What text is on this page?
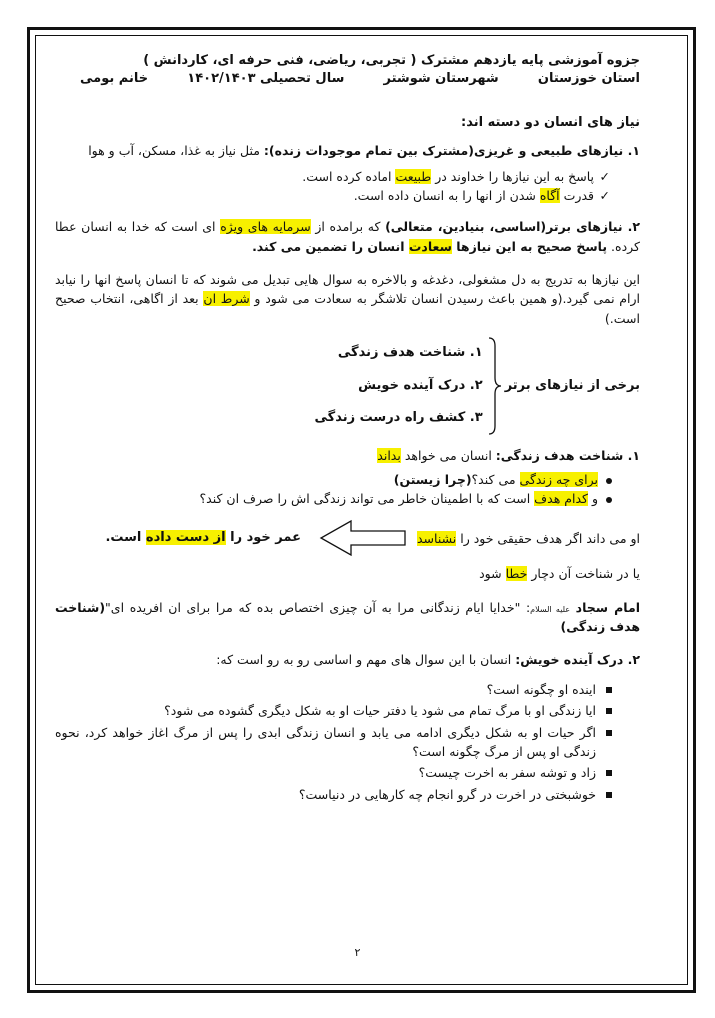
جزوه آموزشی پایه یازدهم مشترک ( تجربی، ریاضی، فنی حرفه ای، کاردانش )
استان خوزستان
شهرستان شوشتر
سال تحصیلی ۱۴۰۲/۱۴۰۳
خانم بومی
نیاز های انسان دو دسته اند:
۱. نیازهای طبیعی و غریزی(مشترک بین تمام موجودات زنده): مثل نیاز به غذا، مسکن، آب و هوا
✓
پاسخ به این نیازها را خداوند در طبیعت اماده کرده است.
✓
قدرت آگاه شدن از انها را به انسان داده است.
۲. نیازهای برتر(اساسی، بنیادین، متعالی) که برامده از سرمایه های ویژه ای است که خدا به انسان عطا کرده. پاسخ صحیح به این نیازها سعادت انسان را تضمین می کند.
این نیازها به تدریج به دل مشغولی، دغدغه و بالاخره به سوال هایی تبدیل می شوند که تا انسان پاسخ انها را نیابد ارام نمی گیرد.(و همین باعث رسیدن انسان تلاشگر به سعادت می شود و شرط ان بعد از اگاهی، انتخاب صحیح است.)
برخی از نیازهای برتر
۱. شناخت هدف زندگی
۲. درک آینده خویش
۳. کشف راه درست زندگی
۱. شناخت هدف زندگی: انسان می خواهد بداند
برای چه زندگی می کند؟(چرا زیستن)
و کدام هدف است که با اطمینان خاطر می تواند زندگی اش را صرف ان کند؟
او می داند اگر هدف حقیقی خود را نشناسد
عمر خود را از دست داده است.
یا در شناخت آن دچار خطا شود
امام سجاد علیه السلام: "خدایا ایام زندگانی مرا به آن چیزی اختصاص بده که مرا برای ان افریده ای"(شناخت هدف زندگی)
۲. درک آینده خویش: انسان با این سوال های مهم و اساسی رو به رو است که:
اینده او چگونه است؟
ایا زندگی او با مرگ تمام می شود یا دفتر حیات او به شکل دیگری گشوده می شود؟
اگر حیات او به شکل دیگری ادامه می یابد و انسان زندگی ابدی را پس از مرگ اغاز خواهد کرد، نحوه زندگی او پس از مرگ چگونه است؟
زاد و توشه سفر به اخرت چیست؟
خوشبختی در اخرت در گرو انجام چه کارهایی در دنیاست؟
۲
